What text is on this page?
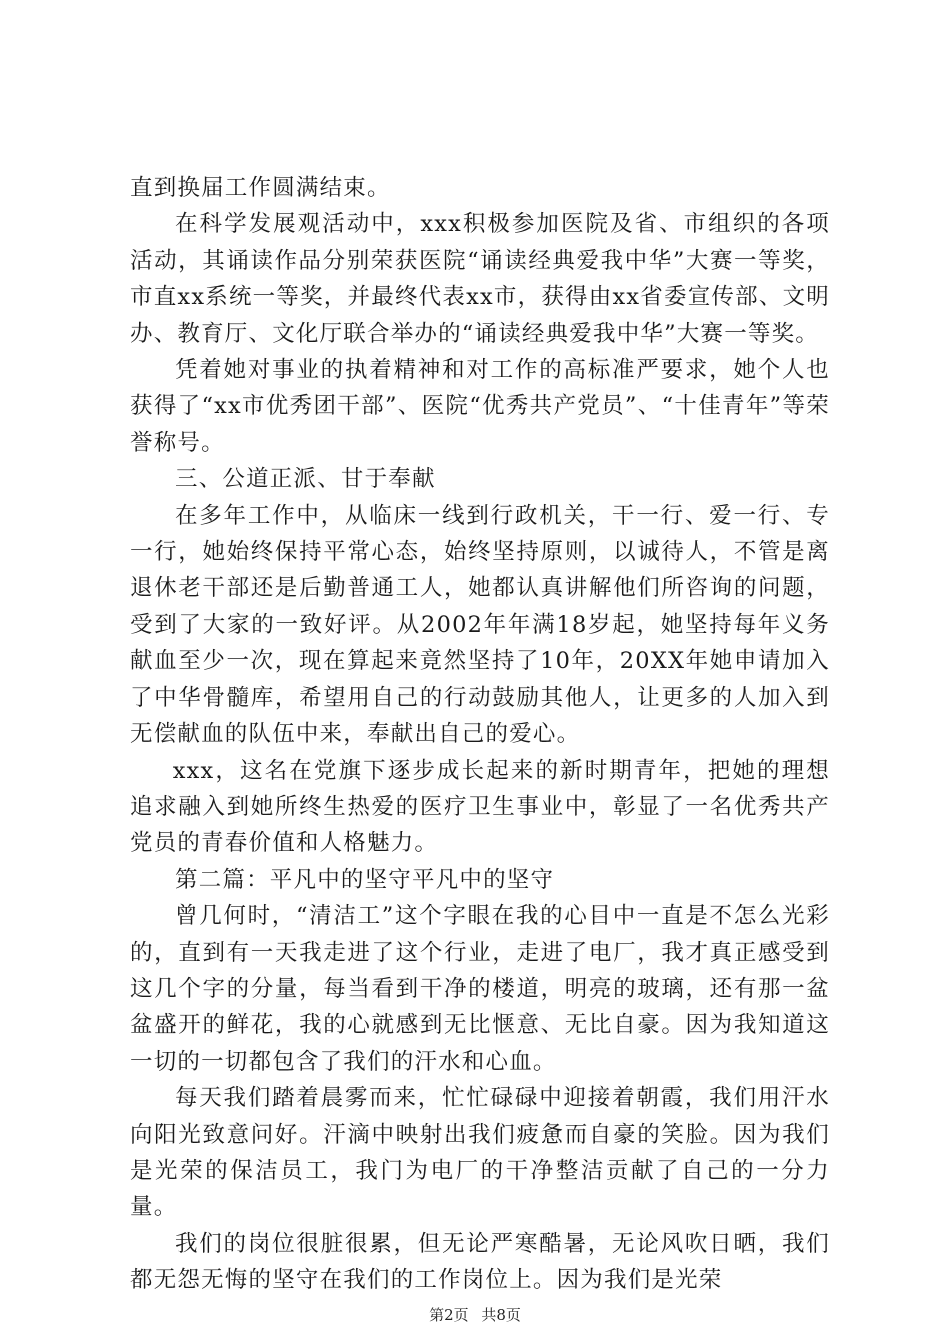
直到换届工作圆满结束。

在科学发展观活动中，xxx积极参加医院及省、市组织的各项活动，其诵读作品分别荣获医院“诵读经典爱我中华”大赛一等奖，市直xx系统一等奖，并最终代表xx市，获得由xx省委宣传部、文明办、教育厅、文化厅联合举办的“诵读经典爱我中华”大赛一等奖。

凭着她对事业的执着精神和对工作的高标准严要求，她个人也获得了“xx市优秀团干部”、医院“优秀共产党员”、“十佳青年”等荣誉称号。

三、公道正派、甘于奉献

在多年工作中，从临床一线到行政机关，干一行、爱一行、专一行，她始终保持平常心态，始终坚持原则，以诚待人，不管是离退休老干部还是后勤普通工人，她都认真讲解他们所咨询的问题，受到了大家的一致好评。从2002年年满18岁起，她坚持每年义务献血至少一次，现在算起来竟然坚持了10年，20XX年她申请加入了中华骨髓库，希望用自己的行动鼓励其他人，让更多的人加入到无偿献血的队伍中来，奉献出自己的爱心。

xxx，这名在党旗下逐步成长起来的新时期青年，把她的理想追求融入到她所终生热爱的医疗卫生事业中，彰显了一名优秀共产党员的青春价值和人格魅力。

第二篇：平凡中的坚守平凡中的坚守

曾几何时，“清洁工”这个字眼在我的心目中一直是不怎么光彩的，直到有一天我走进了这个行业，走进了电厂，我才真正感受到这几个字的分量，每当看到干净的楼道，明亮的玻璃，还有那一盆盆盛开的鲜花，我的心就感到无比惬意、无比自豪。因为我知道这一切的一切都包含了我们的汗水和心血。

每天我们踏着晨雾而来，忙忙碌碌中迎接着朝霞，我们用汗水向阳光致意问好。汗滴中映射出我们疲惫而自豪的笑脸。因为我们是光荣的保洁员工，我门为电厂的干净整洁贡献了自己的一分力量。

我们的岗位很脏很累，但无论严寒酷暑，无论风吹日晒，我们都无怨无悔的坚守在我们的工作岗位上。因为我们是光荣

第2页 共8页
